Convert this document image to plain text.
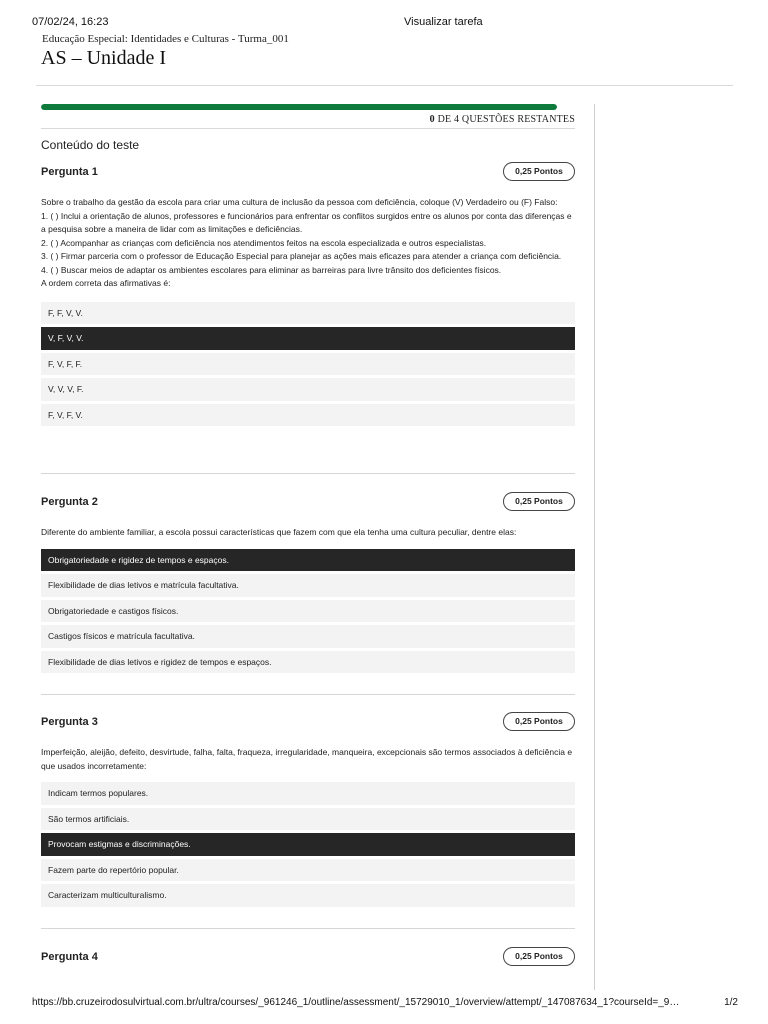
07/02/24, 16:23	Visualizar tarefa
Educação Especial: Identidades e Culturas - Turma_001
AS – Unidade I
0 DE 4 QUESTÕES RESTANTES
Conteúdo do teste
Pergunta 1	0,25 Pontos

Sobre o trabalho da gestão da escola para criar uma cultura de inclusão da pessoa com deficiência, coloque (V) Verdadeiro ou (F) Falso:

1. ( ) Inclui a orientação de alunos, professores e funcionários para enfrentar os conflitos surgidos entre os alunos por conta das diferenças e a pesquisa sobre a maneira de lidar com as limitações e deficiências.

2. ( ) Acompanhar as crianças com deficiência nos atendimentos feitos na escola especializada e outros especialistas.

3. ( ) Firmar parceria com o professor de Educação Especial para planejar as ações mais eficazes para atender a criança com deficiência.

4. ( ) Buscar meios de adaptar os ambientes escolares para eliminar as barreiras para livre trânsito dos deficientes físicos.

A ordem correta das afirmativas é:

F, F, V, V.
V, F, V, V.
F, V, F, F.
V, V, V, F.
F, V, F, V.
Pergunta 2	0,25 Pontos

Diferente do ambiente familiar, a escola possui características que fazem com que ela tenha uma cultura peculiar, dentre elas:

Obrigatoriedade e rigidez de tempos e espaços.
Flexibilidade de dias letivos e matrícula facultativa.
Obrigatoriedade e castigos físicos.
Castigos físicos e matrícula facultativa.
Flexibilidade de dias letivos e rigidez de tempos e espaços.
Pergunta 3	0,25 Pontos

Imperfeição, aleijão, defeito, desvirtude, falha, falta, fraqueza, irregularidade, manqueira, excepcionais são termos associados à deficiência e que usados incorretamente:

Indicam termos populares.
São termos artificiais.
Provocam estigmas e discriminações.
Fazem parte do repertório popular.
Caracterizam multiculturalismo.
Pergunta 4	0,25 Pontos
https://bb.cruzeirodosulvirtual.com.br/ultra/courses/_961246_1/outline/assessment/_15729010_1/overview/attempt/_147087634_1?courseId=_9…	1/2
